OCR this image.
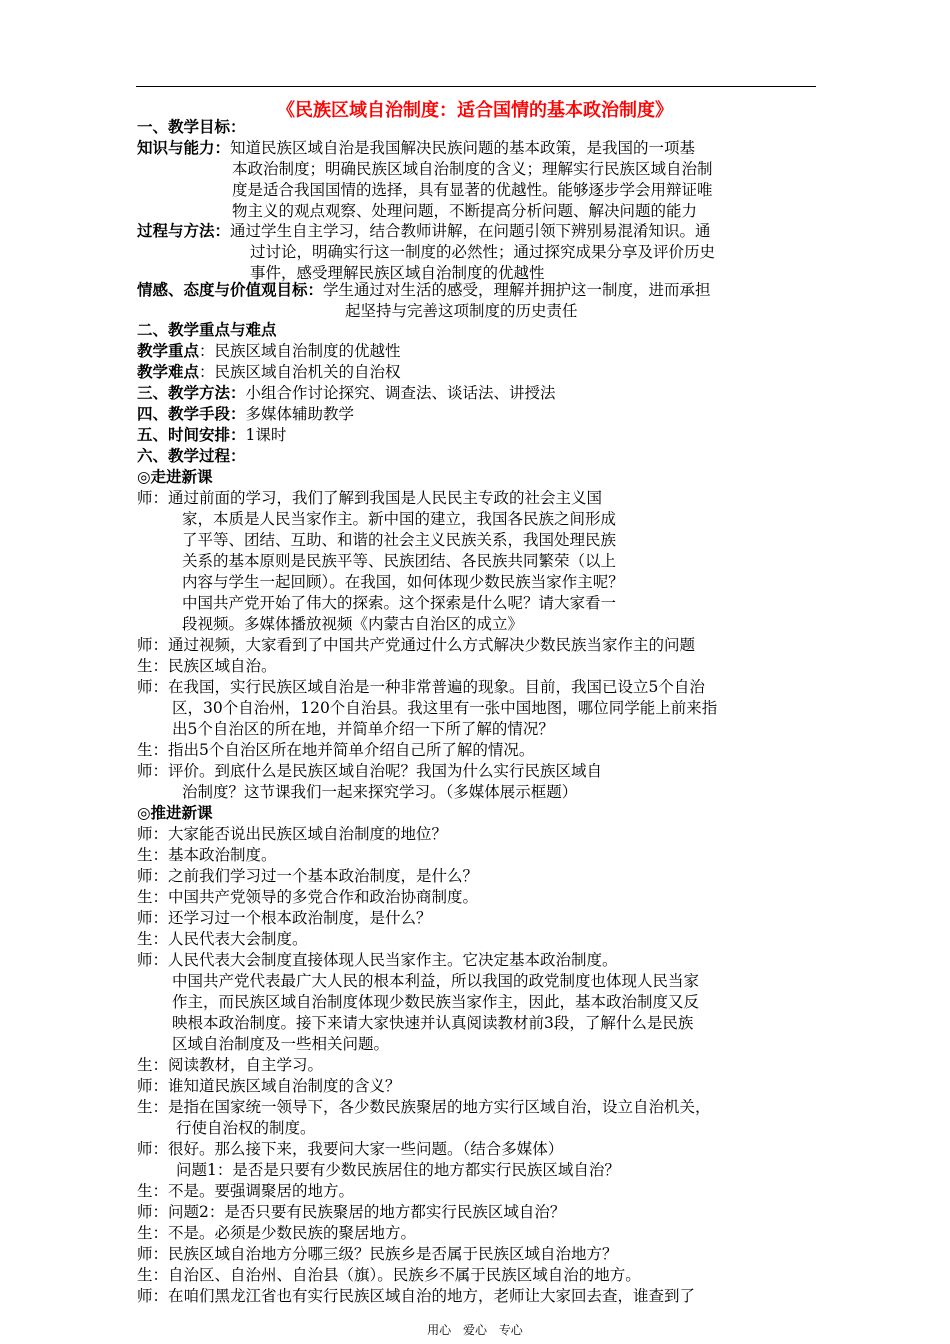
《民族区域自治制度：适合国情的基本政治制度》
一、教学目标：
知识与能力：知道民族区域自治是我国解决民族问题的基本政策，是我国的一项基
本政治制度；明确民族区域自治制度的含义；理解实行民族区域自治制
度是适合我国国情的选择，具有显著的优越性。能够逐步学会用辩证唯
物主义的观点观察、处理问题，不断提高分析问题、解决问题的能力
过程与方法：通过学生自主学习，结合教师讲解，在问题引领下辨别易混淆知识。通
过讨论，明确实行这一制度的必然性；通过探究成果分享及评价历史
事件，感受理解民族区域自治制度的优越性
情感、态度与价值观目标：学生通过对生活的感受，理解并拥护这一制度，进而承担
起坚持与完善这项制度的历史责任
二、教学重点与难点
教学重点：民族区域自治制度的优越性
教学难点：民族区域自治机关的自治权
三、教学方法：小组合作讨论探究、调查法、谈话法、讲授法
四、教学手段：多媒体辅助教学
五、时间安排：1课时
六、教学过程：
◎走进新课
师：通过前面的学习，我们了解到我国是人民民主专政的社会主义国
家，本质是人民当家作主。新中国的建立，我国各民族之间形成
了平等、团结、互助、和谐的社会主义民族关系，我国处理民族
关系的基本原则是民族平等、民族团结、各民族共同繁荣（以上
内容与学生一起回顾）。在我国，如何体现少数民族当家作主呢？
中国共产党开始了伟大的探索。这个探索是什么呢？请大家看一
段视频。多媒体播放视频《内蒙古自治区的成立》
师：通过视频，大家看到了中国共产党通过什么方式解决少数民族当家作主的问题
生：民族区域自治。
师：在我国，实行民族区域自治是一种非常普遍的现象。目前，我国已设立5个自治
区，30个自治州，120个自治县。我这里有一张中国地图，哪位同学能上前来指
出5个自治区的所在地，并简单介绍一下所了解的情况？
生：指出5个自治区所在地并简单介绍自己所了解的情况。
师：评价。到底什么是民族区域自治呢？我国为什么实行民族区域自
治制度？这节课我们一起来探究学习。（多媒体展示框题）
◎推进新课
师：大家能否说出民族区域自治制度的地位？
生：基本政治制度。
师：之前我们学习过一个基本政治制度，是什么？
生：中国共产党领导的多党合作和政治协商制度。
师：还学习过一个根本政治制度，是什么？
生：人民代表大会制度。
师：人民代表大会制度直接体现人民当家作主。它决定基本政治制度。
中国共产党代表最广大人民的根本利益，所以我国的政党制度也体现人民当家
作主，而民族区域自治制度体现少数民族当家作主，因此，基本政治制度又反
映根本政治制度。接下来请大家快速并认真阅读教材前3段，了解什么是民族
区域自治制度及一些相关问题。
生：阅读教材，自主学习。
师：谁知道民族区域自治制度的含义？
生：是指在国家统一领导下，各少数民族聚居的地方实行区域自治，设立自治机关，
行使自治权的制度。
师：很好。那么接下来，我要问大家一些问题。（结合多媒体）
问题1：是否是只要有少数民族居住的地方都实行民族区域自治？
生：不是。要强调聚居的地方。
师：问题2：是否只要有民族聚居的地方都实行民族区域自治？
生：不是。必须是少数民族的聚居地方。
师：民族区域自治地方分哪三级？民族乡是否属于民族区域自治地方？
生：自治区、自治州、自治县（旗）。民族乡不属于民族区域自治的地方。
师：在咱们黑龙江省也有实行民族区域自治的地方，老师让大家回去查，谁查到了
用心 爱心 专心
